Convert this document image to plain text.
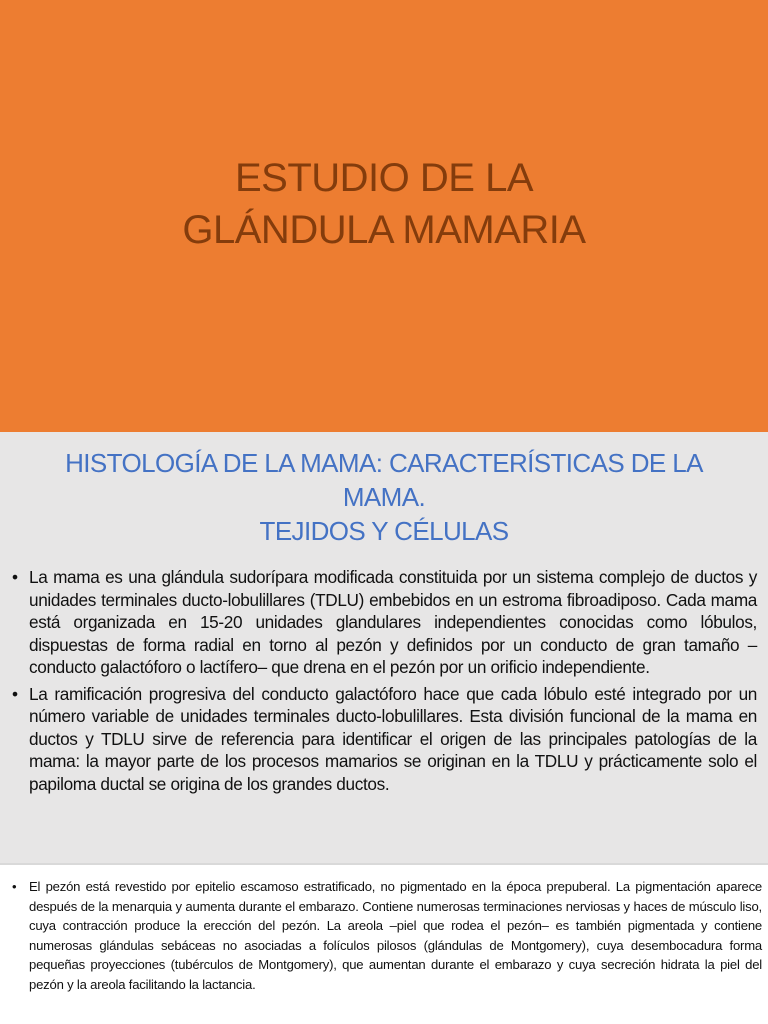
ESTUDIO DE LA
GLÁNDULA MAMARIA
HISTOLOGÍA DE LA MAMA: CARACTERÍSTICAS DE LA
MAMA.
TEJIDOS Y CÉLULAS
• La mama es una glándula sudorípara modificada constituida por un sistema complejo de ductos y unidades terminales ducto-lobulillares (TDLU) embebidos en un estroma fibroadiposo. Cada mama está organizada en 15-20 unidades glandulares independientes conocidas como lóbulos, dispuestas de forma radial en torno al pezón y definidos por un conducto de gran tamaño –conducto galactóforo o lactífero– que drena en el pezón por un orificio independiente.
• La ramificación progresiva del conducto galactóforo hace que cada lóbulo esté integrado por un número variable de unidades terminales ducto-lobulillares. Esta división funcional de la mama en ductos y TDLU sirve de referencia para identificar el origen de las principales patologías de la mama: la mayor parte de los procesos mamarios se originan en la TDLU y prácticamente solo el papiloma ductal se origina de los grandes ductos.
• El pezón está revestido por epitelio escamoso estratificado, no pigmentado en la época prepuberal. La pigmentación aparece después de la menarquia y aumenta durante el embarazo. Contiene numerosas terminaciones nerviosas y haces de músculo liso, cuya contracción produce la erección del pezón. La areola –piel que rodea el pezón– es también pigmentada y contiene numerosas glándulas sebáceas no asociadas a folículos pilosos (glándulas de Montgomery), cuya desembocadura forma pequeñas proyecciones (tubérculos de Montgomery), que aumentan durante el embarazo y cuya secreción hidrata la piel del pezón y la areola facilitando la lactancia.
